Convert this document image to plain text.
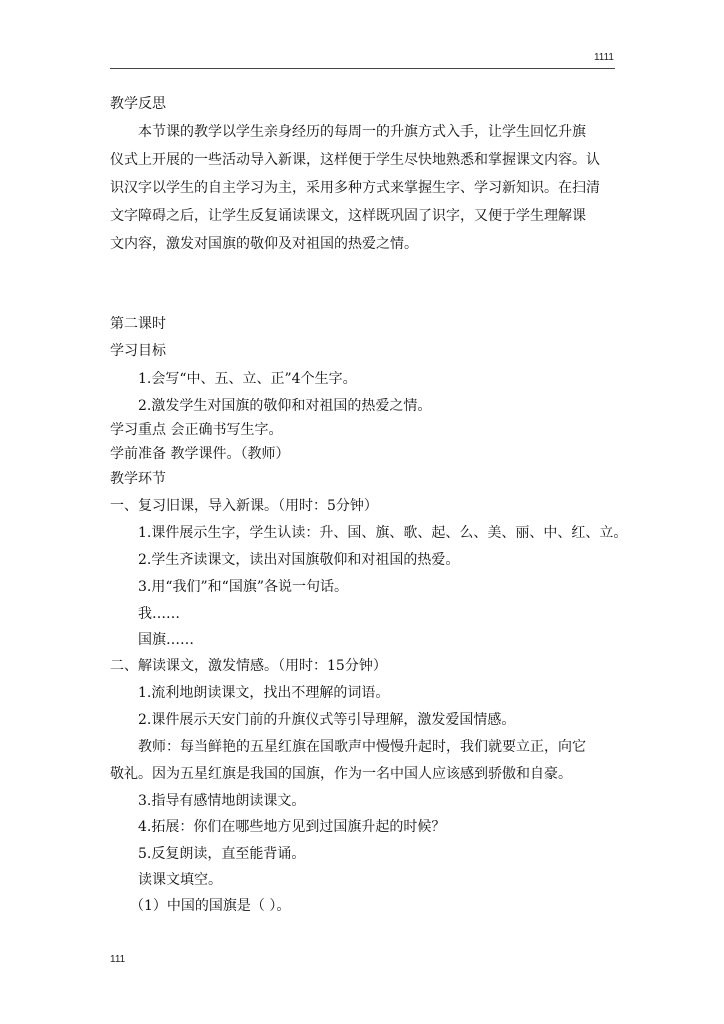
1111
教学反思
本节课的教学以学生亲身经历的每周一的升旗方式入手，让学生回忆升旗
仪式上开展的一些活动导入新课，这样便于学生尽快地熟悉和掌握课文内容。认
识汉字以学生的自主学习为主，采用多种方式来掌握生字、学习新知识。在扫清
文字障碍之后，让学生反复诵读课文，这样既巩固了识字，又便于学生理解课
文内容，激发对国旗的敬仰及对祖国的热爱之情。
第二课时
学习目标
1.会写“中、五、立、正”4个生字。
2.激发学生对国旗的敬仰和对祖国的热爱之情。
学习重点 会正确书写生字。
学前准备 教学课件。（教师）
教学环节
一、复习旧课，导入新课。（用时：5分钟）
1.课件展示生字，学生认读：升、国、旗、歌、起、么、美、丽、中、红、立。
2.学生齐读课文，读出对国旗敬仰和对祖国的热爱。
3.用“我们”和“国旗”各说一句话。
我……
国旗……
二、解读课文，激发情感。（用时：15分钟）
1.流利地朗读课文，找出不理解的词语。
2.课件展示天安门前的升旗仪式等引导理解，激发爱国情感。
教师：每当鲜艳的五星红旗在国歌声中慢慢升起时，我们就要立正，向它
敬礼。因为五星红旗是我国的国旗，作为一名中国人应该感到骄傲和自豪。
3.指导有感情地朗读课文。
4.拓展：你们在哪些地方见到过国旗升起的时候？
5.反复朗读，直至能背诵。
读课文填空。
（1）中国的国旗是（ ）。
111
